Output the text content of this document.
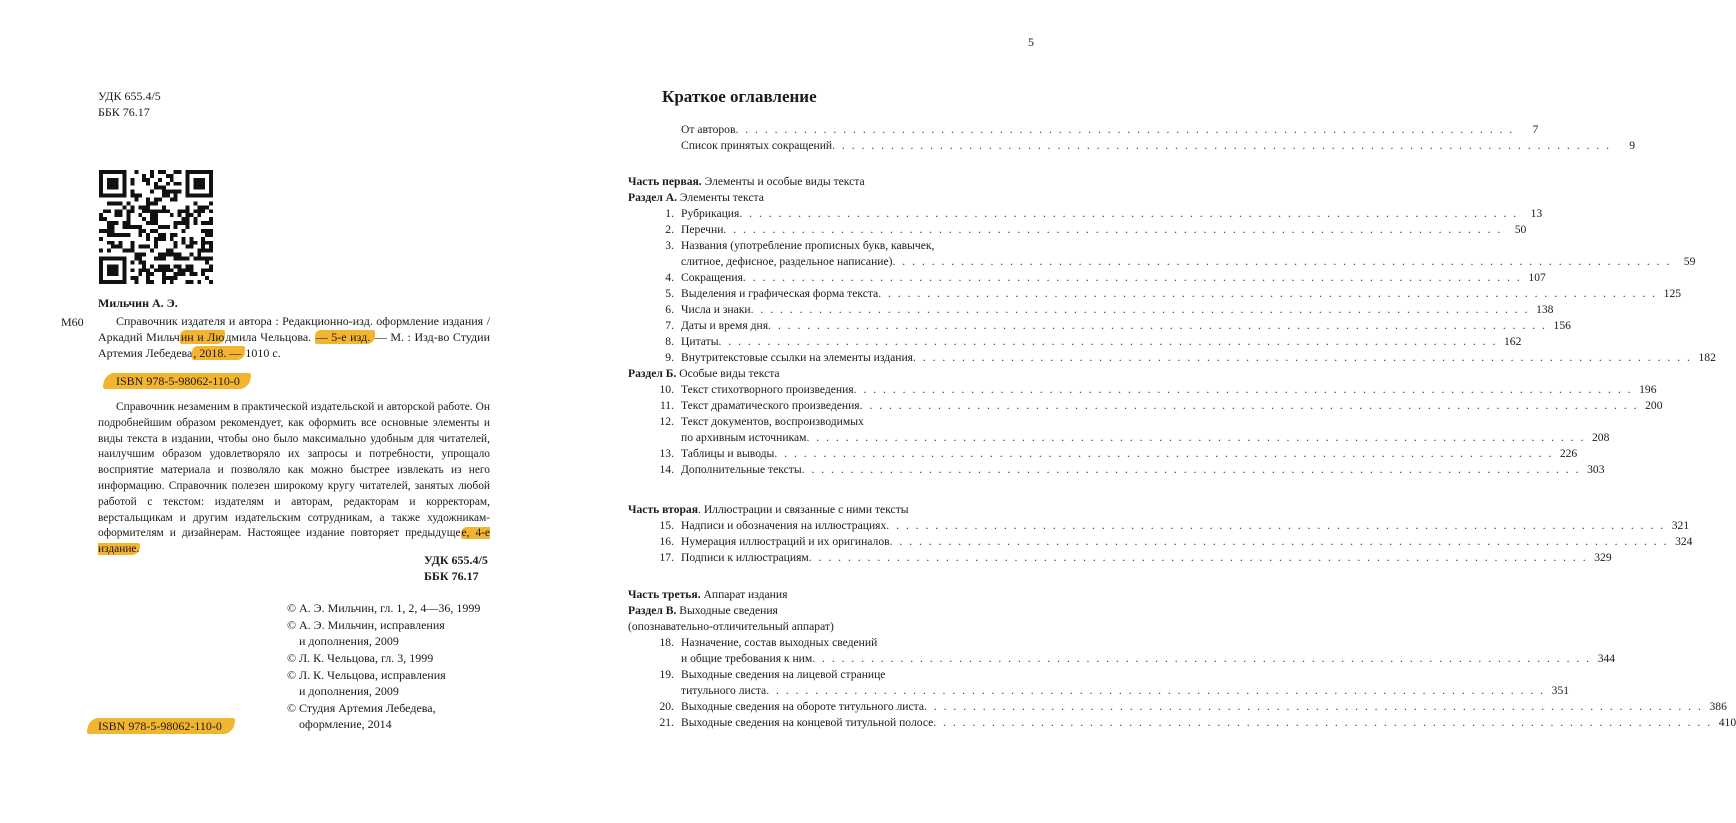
5
УДК 655.4/5
ББК 76.17
Мильчин А. Э.
М60	Справочник издателя и автора : Редакционно-изд. оформление издания / Аркадий Мильчин и Людмила Чельцова. — 5-е изд. — М. : Изд-во Студии Артемия Лебедева, 2018. — 1010 с.
ISBN 978-5-98062-110-0
Справочник незаменим в практической издательской и авторской работе. Он подробнейшим образом рекомендует, как оформить все основные элементы и виды текста в издании, чтобы оно было максимально удобным для читателей, наилучшим образом удовлетворяло их запросы и потребности, упрощало восприятие материала и позволяло как можно быстрее извлекать из него информацию. Справочник полезен широкому кругу читателей, занятых любой работой с текстом: издателям и авторам, редакторам и корректорам, верстальщикам и другим издательским сотрудникам, а также художникам-оформителям и дизайнерам. Настоящее издание повторяет предыдущее, 4-е издание.
УДК 655.4/5
ББК 76.17
© А. Э. Мильчин, гл. 1, 2, 4—36, 1999
© А. Э. Мильчин, исправления
и дополнения, 2009
© Л. К. Чельцова, гл. 3, 1999
© Л. К. Чельцова, исправления
и дополнения, 2009
© Студия Артемия Лебедева,
оформление, 2014
ISBN 978-5-98062-110-0
Краткое оглавление
От авторов . . . . . . . . . . . . . . . . . . . . . . . . . . . . . . . . . . . . . . . . . . . . . . . . . . . . . . . . . . . . . . . . . . . . . . . . . . . . . . . .	7
Список принятых сокращений . . . . . . . . . . . . . . . . . . . . . . . . . . . . . . . . . . . . . . . . . . . . . . . . . . . . . . . . . . . . . . . . . . . . . . . . . . . . . . . .	9
Часть первая. Элементы и особые виды текста
Раздел А. Элементы текста
1. Рубрикация . . . . . . . . . . . . . . . . . . . . . . . . . . . . . . . . . . . . . . . . . . . . . . . . . . . . . . . . . . . . . . . . . . . . . . . . . . . . . . . .	13
2. Перечни . . . . . . . . . . . . . . . . . . . . . . . . . . . . . . . . . . . . . . . . . . . . . . . . . . . . . . . . . . . . . . . . . . . . . . . . . . . . . . . .	50
Названия (употребление прописных букв, кавычек,
3.
слитное, дефисное, раздельное написание) . . . . . . . . . . . . . . . . . . . . . . . . . . . . . . . . . . . . . . . . . . . . . . . . . . . . . . . . . . . . . . . . . . . . . . . . . . . . . . . .	59
4. Сокращения . . . . . . . . . . . . . . . . . . . . . . . . . . . . . . . . . . . . . . . . . . . . . . . . . . . . . . . . . . . . . . . . . . . . . . . . . . . . . . . . 107
5. Выделения и графическая форма текста . . . . . . . . . . . . . . . . . . . . . . . . . . . . . . . . . . . . . . . . . . . . . . . . . . . . . . . . . . . . . . . . . . . . . . . . . . . . . . . . 125
6. Числа и знаки . . . . . . . . . . . . . . . . . . . . . . . . . . . . . . . . . . . . . . . . . . . . . . . . . . . . . . . . . . . . . . . . . . . . . . . . . . . . . . . . 138
7. Даты и время дня . . . . . . . . . . . . . . . . . . . . . . . . . . . . . . . . . . . . . . . . . . . . . . . . . . . . . . . . . . . . . . . . . . . . . . . . . . . . . . . . 156
8. Цитаты . . . . . . . . . . . . . . . . . . . . . . . . . . . . . . . . . . . . . . . . . . . . . . . . . . . . . . . . . . . . . . . . . . . . . . . . . . . . . . . . 162
9. Внутритекстовые ссылки на элементы издания . . . . . . . . . . . . . . . . . . . . . . . . . . . . . . . . . . . . . . . . . . . . . . . . . . . . . . . . . . . . . . . . . . . . . . . . . . . . . . . . 182
Раздел Б. Особые виды текста
10. Текст стихотворного произведения . . . . . . . . . . . . . . . . . . . . . . . . . . . . . . . . . . . . . . . . . . . . . . . . . . . . . . . . . . . . . . . . . . . . . . . . . . . . . . . . 196
11. Текст драматического произведения . . . . . . . . . . . . . . . . . . . . . . . . . . . . . . . . . . . . . . . . . . . . . . . . . . . . . . . . . . . . . . . . . . . . . . . . . . . . . . . . 200
Текст документов, воспроизводимых
12.
по архивным источникам . . . . . . . . . . . . . . . . . . . . . . . . . . . . . . . . . . . . . . . . . . . . . . . . . . . . . . . . . . . . . . . . . . . . . . . . . . . . . . . . 208
13. Таблицы и выводы . . . . . . . . . . . . . . . . . . . . . . . . . . . . . . . . . . . . . . . . . . . . . . . . . . . . . . . . . . . . . . . . . . . . . . . . . . . . . . . . 226
14. Дополнительные тексты . . . . . . . . . . . . . . . . . . . . . . . . . . . . . . . . . . . . . . . . . . . . . . . . . . . . . . . . . . . . . . . . . . . . . . . . . . . . . . . . 303
Часть вторая. Иллюстрации и связанные с ними тексты
15. Надписи и обозначения на иллюстрациях . . . . . . . . . . . . . . . . . . . . . . . . . . . . . . . . . . . . . . . . . . . . . . . . . . . . . . . . . . . . . . . . . . . . . . . . . . . . . . . . 321
16. Нумерация иллюстраций и их оригиналов . . . . . . . . . . . . . . . . . . . . . . . . . . . . . . . . . . . . . . . . . . . . . . . . . . . . . . . . . . . . . . . . . . . . . . . . . . . . . . . . 324
17. Подписи к иллюстрациям . . . . . . . . . . . . . . . . . . . . . . . . . . . . . . . . . . . . . . . . . . . . . . . . . . . . . . . . . . . . . . . . . . . . . . . . . . . . . . . . 329
Часть третья. Аппарат издания
Раздел В. Выходные сведения
(опознавательно-отличительный аппарат)
Назначение, состав выходных сведений
18.
и общие требования к ним . . . . . . . . . . . . . . . . . . . . . . . . . . . . . . . . . . . . . . . . . . . . . . . . . . . . . . . . . . . . . . . . . . . . . . . . . . . . . . . . 344
Выходные сведения на лицевой странице
19.
титульного листа . . . . . . . . . . . . . . . . . . . . . . . . . . . . . . . . . . . . . . . . . . . . . . . . . . . . . . . . . . . . . . . . . . . . . . . . . . . . . . . . 351
20. Выходные сведения на обороте титульного листа . . . . . . . . . . . . . . . . . . . . . . . . . . . . . . . . . . . . . . . . . . . . . . . . . . . . . . . . . . . . . . . . . . . . . . . . . . . . . . . . 386
21. Выходные сведения на концевой титульной полосе . . . . . . . . . . . . . . . . . . . . . . . . . . . . . . . . . . . . . . . . . . . . . . . . . . . . . . . . . . . . . . . . . . . . . . . . . . . . . . . . 410
